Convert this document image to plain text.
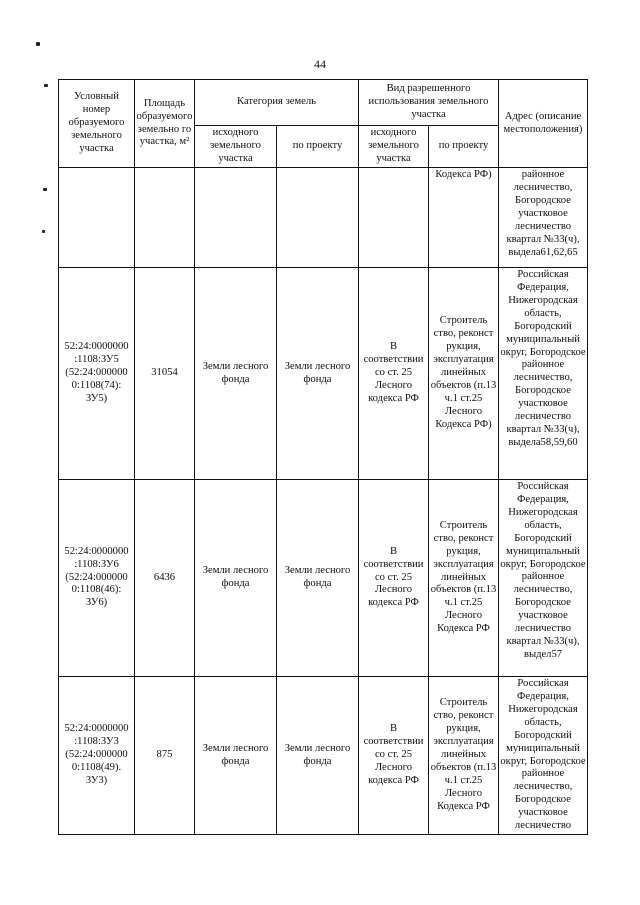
44
Условный номер образуемого земельного участка	Площадь образуемого земельно го участка, м²	Категория земель		Вид разрешенного использования земельного участка		Адрес (описание местоположения)
		исходного земельного участка	по проекту	исходного земельного участка	по проекту	
					Кодекса РФ)	районное лесничество, Богородское участковое лесничество квартал №33(ч), выдела61,62,65
52:24:0000000 :1108:ЗУ5 (52:24:000000 0:1108(74): ЗУ5)	31054	Земли лесного фонда	Земли лесного фонда	В соответствии со ст. 25 Лесного кодекса РФ	Строитель ство, реконст рукция, эксплуатация линейных объектов (п.13 ч.1 ст.25 Лесного Кодекса РФ)	Российская Федерация, Нижегородская область, Богородский муниципальный округ, Богородское районное лесничество, Богородское участковое лесничество квартал №33(ч), выдела58,59,60
52:24:0000000 :1108:ЗУ6 (52:24:000000 0:1108(46): ЗУ6)	6436	Земли лесного фонда	Земли лесного фонда	В соответствии со ст. 25 Лесного кодекса РФ	Строитель ство, реконст рукция, эксплуатация линейных объектов (п.13 ч.1 ст.25 Лесного Кодекса РФ	Российская Федерация, Нижегородская область, Богородский муниципальный округ, Богородское районное лесничество, Богородское участковое лесничество квартал №33(ч), выдел57
52:24:0000000 :1108:ЗУ3 (52:24:000000 0:1108(49). ЗУ3)	875	Земли лесного фонда	Земли лесного фонда	В соответствии со ст. 25 Лесного кодекса РФ	Строитель ство, реконст рукция, эксплуатация линейных объектов (п.13 ч.1 ст.25 Лесного Кодекса РФ	Российская Федерация, Нижегородская область, Богородский муниципальный округ, Богородское районное лесничество, Богородское участковое лесничество
